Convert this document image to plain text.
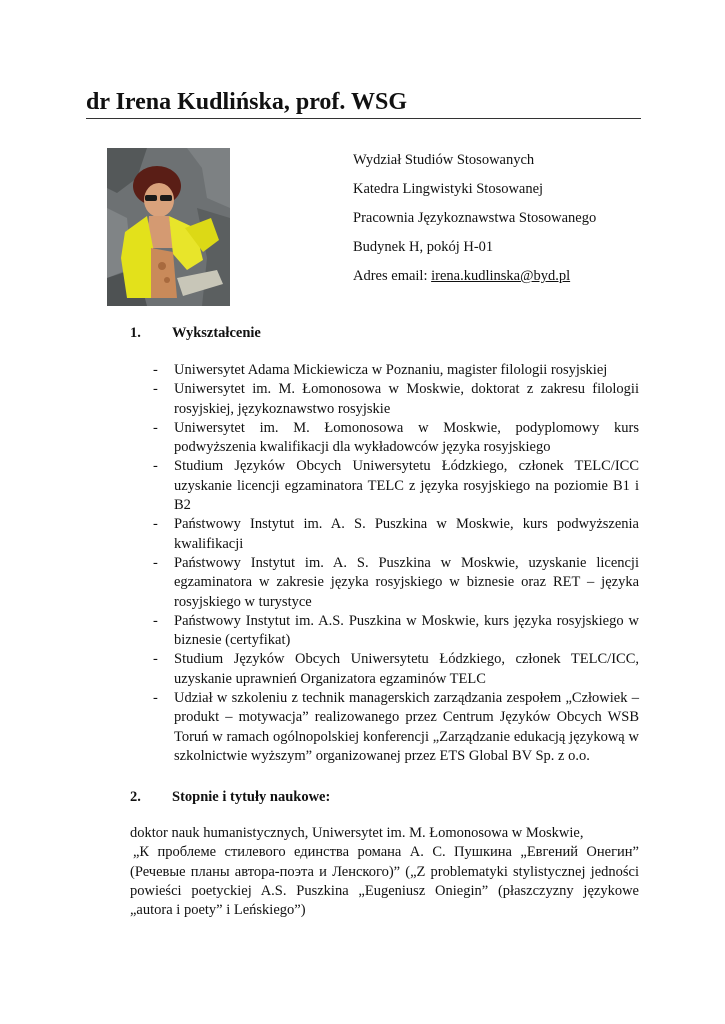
dr Irena Kudlińska, prof. WSG
Wydział Studiów Stosowanych
Katedra Lingwistyki Stosowanej
Pracownia Językoznawstwa Stosowanego
Budynek H, pokój H-01
Adres email: irena.kudlinska@byd.pl
1. Wykształcenie
- Uniwersytet Adama Mickiewicza w Poznaniu, magister filologii rosyjskiej
- Uniwersytet im. M. Łomonosowa w Moskwie, doktorat z zakresu filologii rosyjskiej, językoznawstwo rosyjskie
- Uniwersytet im. M. Łomonosowa w Moskwie, podyplomowy kurs podwyższenia kwalifikacji dla wykładowców języka rosyjskiego
- Studium Języków Obcych Uniwersytetu Łódzkiego, członek TELC/ICC uzyskanie licencji egzaminatora TELC z języka rosyjskiego na poziomie B1 i B2
- Państwowy Instytut im. A. S. Puszkina w Moskwie, kurs podwyższenia kwalifikacji
- Państwowy Instytut im. A. S. Puszkina w Moskwie, uzyskanie licencji egzaminatora w zakresie języka rosyjskiego w biznesie oraz RET – języka rosyjskiego w turystyce
- Państwowy Instytut im. A.S. Puszkina w Moskwie, kurs języka rosyjskiego w biznesie (certyfikat)
- Studium Języków Obcych Uniwersytetu Łódzkiego, członek TELC/ICC, uzyskanie uprawnień Organizatora egzaminów TELC
- Udział w szkoleniu z technik managerskich zarządzania zespołem „Człowiek – produkt – motywacja” realizowanego przez Centrum Języków Obcych WSB Toruń w ramach ogólnopolskiej konferencji „Zarządzanie edukacją językową w szkolnictwie wyższym” organizowanej przez ETS Global BV Sp. z o.o.
2. Stopnie i tytuły naukowe:
doktor nauk humanistycznych, Uniwersytet im. M. Łomonosowa w Moskwie,
„К проблеме стилевого единства романа А. С. Пушкина „Евгений Онегин” (Речевые планы автора-поэта и Ленского)” („Z problematyki stylistycznej jedności powieści poetyckiej A.S. Puszkina „Eugeniusz Oniegin” (płaszczyzny językowe „autora i poety” i Leńskiego”)
